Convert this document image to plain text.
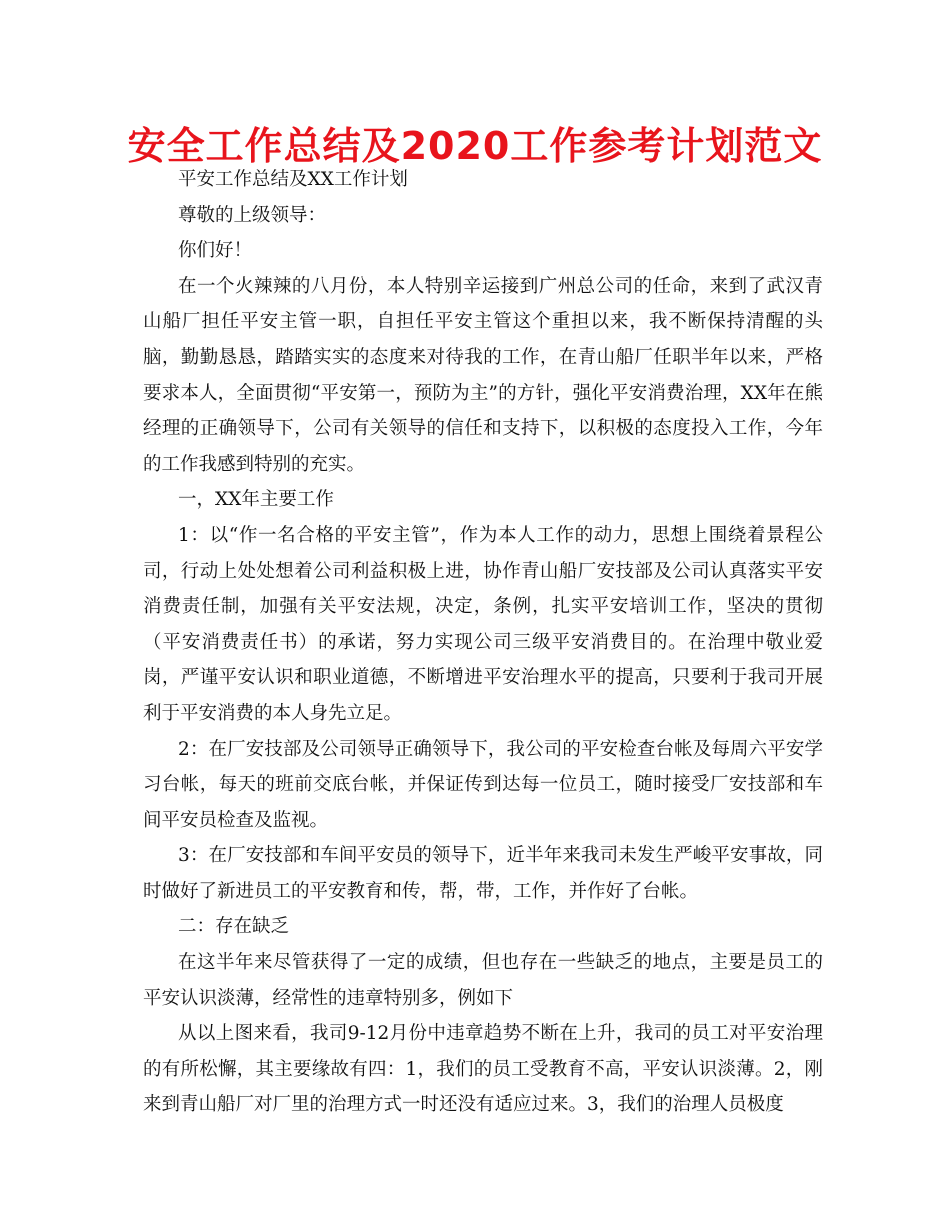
安全工作总结及2020工作参考计划范文

平安工作总结及XX工作计划

尊敬的上级领导：

你们好！

在一个火辣辣的八月份，本人特别辛运接到广州总公司的任命，来到了武汉青山船厂担任平安主管一职，自担任平安主管这个重担以来，我不断保持清醒的头脑，勤勤恳恳，踏踏实实的态度来对待我的工作，在青山船厂任职半年以来，严格要求本人，全面贯彻“平安第一，预防为主”的方针，强化平安消费治理，XX年在熊经理的正确领导下，公司有关领导的信任和支持下，以积极的态度投入工作，今年的工作我感到特别的充实。

一，XX年主要工作

1：以“作一名合格的平安主管”，作为本人工作的动力，思想上围绕着景程公司，行动上处处想着公司利益积极上进，协作青山船厂安技部及公司认真落实平安消费责任制，加强有关平安法规，决定，条例，扎实平安培训工作，坚决的贯彻（平安消费责任书）的承诺，努力实现公司三级平安消费目的。在治理中敬业爱岗，严谨平安认识和职业道德，不断增进平安治理水平的提高，只要利于我司开展利于平安消费的本人身先立足。

2：在厂安技部及公司领导正确领导下，我公司的平安检查台帐及每周六平安学习台帐，每天的班前交底台帐，并保证传到达每一位员工，随时接受厂安技部和车间平安员检查及监视。

3：在厂安技部和车间平安员的领导下，近半年来我司未发生严峻平安事故，同时做好了新进员工的平安教育和传，帮，带，工作，并作好了台帐。

二：存在缺乏

在这半年来尽管获得了一定的成绩，但也存在一些缺乏的地点，主要是员工的平安认识淡薄，经常性的违章特别多，例如下

从以上图来看，我司9-12月份中违章趋势不断在上升，我司的员工对平安治理的有所松懈，其主要缘故有四：1，我们的员工受教育不高，平安认识淡薄。2，刚来到青山船厂对厂里的治理方式一时还没有适应过来。3，我们的治理人员极度
